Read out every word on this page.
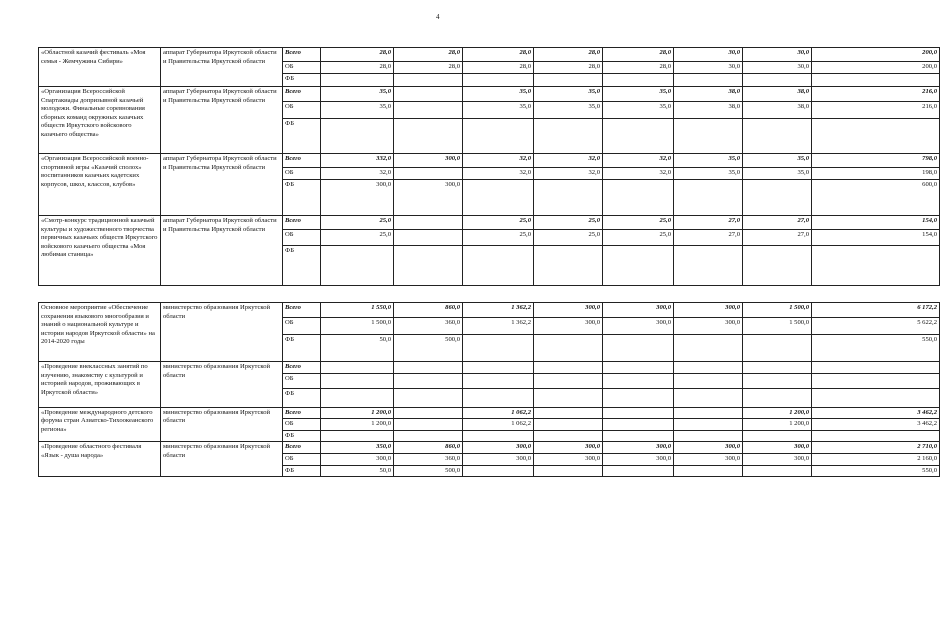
4
«Областной казачий фестиваль «Моя семья - Жемчужина Сибири»	аппарат Губернатора Иркутской области и Правительства Иркутской области	Всего	28,0	28,0	28,0	28,0	28,0	30,0	30,0	200,0
		ОБ	28,0	28,0	28,0	28,0	28,0	30,0	30,0	200,0
		ФБ								
«Организация Всероссийской Спартакиады допризывной казачьей молодежи. Финальные соревнования сборных команд окружных казачьих обществ Иркутского войскового казачьего общества»	аппарат Губернатора Иркутской области и Правительства Иркутской области	Всего	35,0		35,0	35,0	35,0	38,0	38,0	216,0
		ОБ	35,0		35,0	35,0	35,0	38,0	38,0	216,0
		ФБ								
«Организация Всероссийской военно-спортивной игры «Казачий сполох» воспитанников казачьих кадетских корпусов, школ, классов, клубов»	аппарат Губернатора Иркутской области и Правительства Иркутской области	Всего	332,0	300,0	32,0	32,0	32,0	35,0	35,0	798,0
		ОБ	32,0		32,0	32,0	32,0	35,0	35,0	198,0
		ФБ	300,0	300,0						600,0
«Смотр-конкурс традиционной казачьей культуры и художественного творчества первичных казачьих обществ Иркутского войскового казачьего общества «Моя любимая станица»	аппарат Губернатора Иркутской области и Правительства Иркутской области	Всего	25,0		25,0	25,0	25,0	27,0	27,0	154,0
		ОБ	25,0		25,0	25,0	25,0	27,0	27,0	154,0
		ФБ								

Основное мероприятие «Обеспечение сохранения языкового многообразия и знаний о национальной культуре и истории народов Иркутской области» на 2014-2020 годы	министерство образования Иркутской области	Всего	1 550,0	860,0	1 362,2	300,0	300,0	300,0	1 500,0	6 172,2
		ОБ	1 500,0	360,0	1 362,2	300,0	300,0	300,0	1 500,0	5 622,2
		ФБ	50,0	500,0						550,0
«Проведение внеклассных занятий по изучению, знакомству с культурой и историей народов, проживающих в Иркутской области»	министерство образования Иркутской области	Всего								
		ОБ								
		ФБ								
«Проведение международного детского форума стран Азиатско-Тихоокеанского региона»	министерство образования Иркутской области	Всего	1 200,0		1 062,2				1 200,0	3 462,2
		ОБ	1 200,0		1 062,2				1 200,0	3 462,2
		ФБ								
«Проведение областного фестиваля «Язык - душа народа»	министерство образования Иркутской области	Всего	350,0	860,0	300,0	300,0	300,0	300,0	300,0	2 710,0
		ОБ	300,0	360,0	300,0	300,0	300,0	300,0	300,0	2 160,0
		ФБ	50,0	500,0						550,0
